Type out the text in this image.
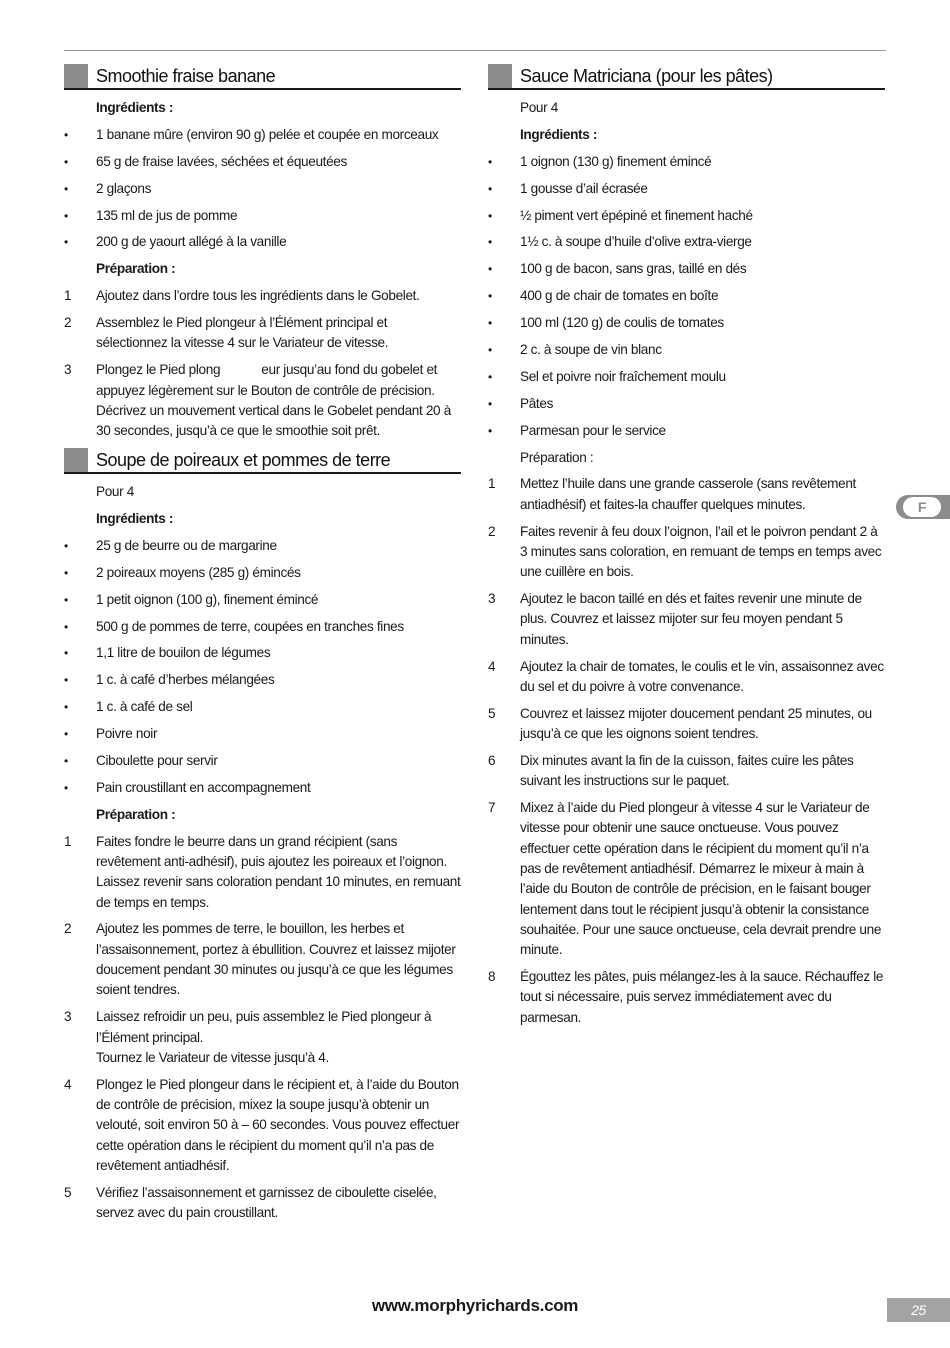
Smoothie fraise banane
Ingrédients :
•	1 banane mûre (environ 90 g) pelée et coupée en morceaux
•	65 g de fraise lavées, séchées et équeutées
•	2 glaçons
•	135 ml de jus de pomme
•	200 g de yaourt allégé à la vanille
Préparation :
1	Ajoutez dans l’ordre tous les ingrédients dans le Gobelet.
2	Assemblez le Pied plongeur à l’Élément principal et sélectionnez la vitesse 4 sur le Variateur de vitesse.
3	Plongez le Pied plong            eur jusqu’au fond du gobelet et appuyez légèrement sur le Bouton de contrôle de précision. Décrivez un mouvement vertical dans le Gobelet pendant 20 à 30 secondes, jusqu’à ce que le smoothie soit prêt.
Soupe de poireaux et pommes de terre
Pour 4
Ingrédients :
•	25 g de beurre ou de margarine
•	2 poireaux moyens (285 g) émincés
•	1 petit oignon (100 g), finement émincé
•	500 g de pommes de terre, coupées en tranches fines
•	1,1 litre de bouilon de légumes
•	1 c. à café d’herbes mélangées
•	1 c. à café de sel
•	Poivre noir
•	Ciboulette pour servir
•	Pain croustillant en accompagnement
Préparation :
1	Faites fondre le beurre dans un grand récipient (sans revêtement anti-adhésif), puis ajoutez les poireaux et l’oignon. Laissez revenir sans coloration pendant 10 minutes, en remuant de temps en temps.
2	Ajoutez les pommes de terre, le bouillon, les herbes et l’assaisonnement, portez à ébullition. Couvrez et laissez mijoter doucement pendant 30 minutes ou jusqu’à ce que les légumes soient tendres.
3	Laissez refroidir un peu, puis assemblez le Pied plongeur à l’Élément principal.
Tournez le Variateur de vitesse jusqu’à 4.
4	Plongez le Pied plongeur dans le récipient et, à l’aide du Bouton de contrôle de précision, mixez la soupe jusqu’à obtenir un velouté, soit environ 50 à – 60 secondes. Vous pouvez effectuer cette opération dans le récipient du moment qu’il n’a pas de revêtement antiadhésif.
5	Vérifiez l’assaisonnement et garnissez de ciboulette ciselée, servez avec du pain croustillant.
Sauce Matriciana (pour les pâtes)
Pour 4
Ingrédients :
•	1 oignon (130 g) finement émincé
•	1 gousse d’ail écrasée
•	½ piment vert épépiné et finement haché
•	1½ c. à soupe d’huile d’olive extra-vierge
•	100 g de bacon, sans gras, taillé en dés
•	400 g de chair de tomates en boîte
•	100 ml (120 g) de coulis de tomates
•	2 c. à soupe de vin blanc
•	Sel et poivre noir fraîchement moulu
•	Pâtes
•	Parmesan pour le service
Préparation :
1	Mettez l’huile dans une grande casserole (sans revêtement antiadhésif) et faites-la chauffer quelques minutes.
2	Faites revenir à feu doux l’oignon, l’ail et le poivron pendant 2 à 3 minutes sans coloration, en remuant de temps en temps avec une cuillère en bois.
3	Ajoutez le bacon taillé en dés et faites revenir une minute de plus. Couvrez et laissez mijoter sur feu moyen pendant 5 minutes.
4	Ajoutez la chair de tomates, le coulis et le vin, assaisonnez avec du sel et du poivre à votre convenance.
5	Couvrez et laissez mijoter doucement pendant 25 minutes, ou jusqu’à ce que les oignons soient tendres.
6	Dix minutes avant la fin de la cuisson, faites cuire les pâtes suivant les instructions sur le paquet.
7	Mixez à l’aide du Pied plongeur à vitesse 4 sur le Variateur de vitesse pour obtenir une sauce onctueuse. Vous pouvez effectuer cette opération dans le récipient du moment qu’il n’a pas de revêtement antiadhésif. Démarrez le mixeur à main à l’aide du Bouton de contrôle de précision, en le faisant bouger lentement dans tout le récipient jusqu’à obtenir la consistance souhaitée. Pour une sauce onctueuse, cela devrait prendre une minute.
8	Égouttez les pâtes, puis mélangez-les à la sauce. Réchauffez le tout si nécessaire, puis servez immédiatement avec du parmesan.
F
www.morphyrichards.com	25
